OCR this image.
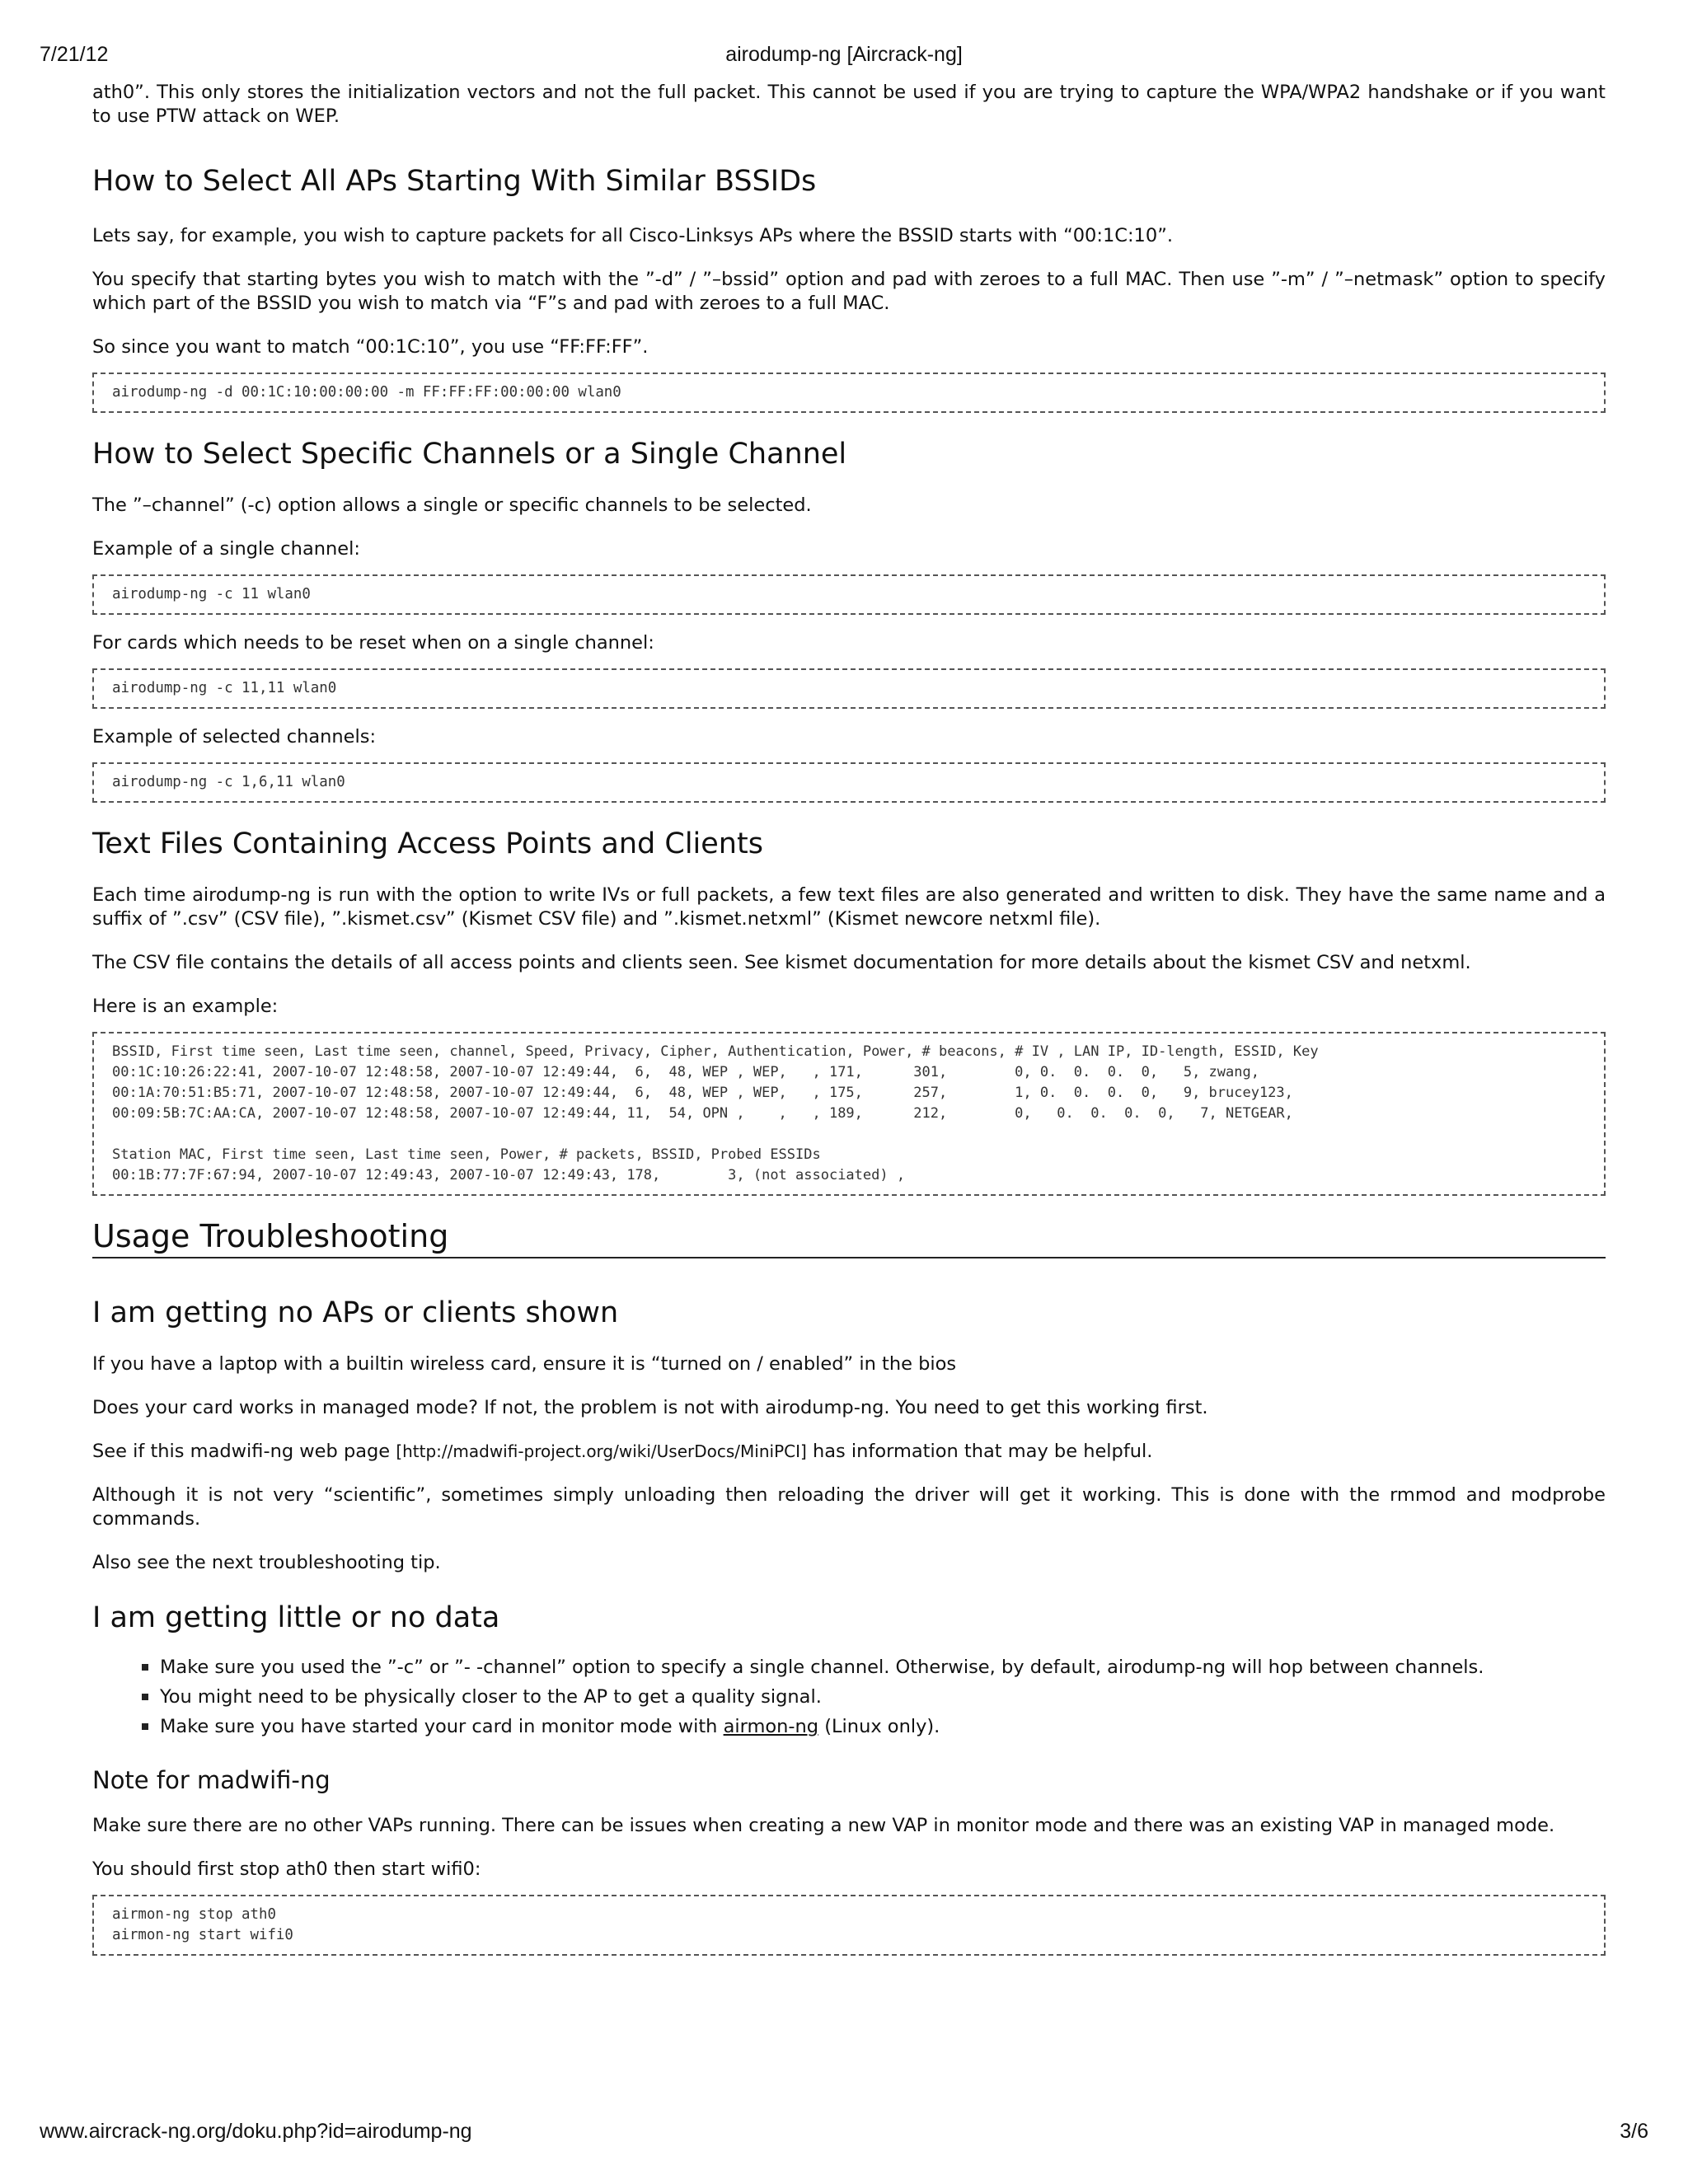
7/21/12	airodump-ng [Aircrack-ng]

ath0”. This only stores the initialization vectors and not the full packet. This cannot be used if you are trying to capture the WPA/WPA2 handshake or if you want to use PTW attack on WEP.

How to Select All APs Starting With Similar BSSIDs

Lets say, for example, you wish to capture packets for all Cisco-Linksys APs where the BSSID starts with “00:1C:10”.

You specify that starting bytes you wish to match with the ”-d” / ”–bssid” option and pad with zeroes to a full MAC. Then use ”-m” / ”–netmask” option to specify which part of the BSSID you wish to match via “F”s and pad with zeroes to a full MAC.

So since you want to match “00:1C:10”, you use “FF:FF:FF”.

airodump-ng -d 00:1C:10:00:00:00 -m FF:FF:FF:00:00:00 wlan0
How to Select Specific Channels or a Single Channel

The ”–channel” (-c) option allows a single or specific channels to be selected.

Example of a single channel:

airodump-ng -c 11 wlan0

For cards which needs to be reset when on a single channel:

airodump-ng -c 11,11 wlan0

Example of selected channels:

airodump-ng -c 1,6,11 wlan0
Text Files Containing Access Points and Clients

Each time airodump-ng is run with the option to write IVs or full packets, a few text files are also generated and written to disk. They have the same name and a suffix of ”.csv” (CSV file), ”.kismet.csv” (Kismet CSV file) and ”.kismet.netxml” (Kismet newcore netxml file).

The CSV file contains the details of all access points and clients seen. See kismet documentation for more details about the kismet CSV and netxml.

Here is an example:

BSSID, First time seen, Last time seen, channel, Speed, Privacy, Cipher, Authentication, Power, # beacons, # IV , LAN IP, ID-length, ESSID, Key
00:1C:10:26:22:41, 2007-10-07 12:48:58, 2007-10-07 12:49:44,  6,  48, WEP , WEP,   , 171,      301,        0, 0.  0.  0.  0,   5, zwang,
00:1A:70:51:B5:71, 2007-10-07 12:48:58, 2007-10-07 12:49:44,  6,  48, WEP , WEP,   , 175,      257,        1, 0.  0.  0.  0,   9, brucey123,
00:09:5B:7C:AA:CA, 2007-10-07 12:48:58, 2007-10-07 12:49:44, 11,  54, OPN ,    ,   , 189,      212,        0,   0.  0.  0.  0,   7, NETGEAR,

Station MAC, First time seen, Last time seen, Power, # packets, BSSID, Probed ESSIDs
00:1B:77:7F:67:94, 2007-10-07 12:49:43, 2007-10-07 12:49:43, 178,        3, (not associated) ,
Usage Troubleshooting
I am getting no APs or clients shown

If you have a laptop with a builtin wireless card, ensure it is “turned on / enabled” in the bios

Does your card works in managed mode? If not, the problem is not with airodump-ng. You need to get this working first.

See if this madwifi-ng web page [http://madwifi-project.org/wiki/UserDocs/MiniPCI] has information that may be helpful.

Although it is not very “scientific”, sometimes simply unloading then reloading the driver will get it working. This is done with the rmmod and modprobe commands.

Also see the next troubleshooting tip.

I am getting little or no data
Make sure you used the ”-c” or ”- -channel” option to specify a single channel. Otherwise, by default, airodump-ng will hop between channels.
You might need to be physically closer to the AP to get a quality signal.
Make sure you have started your card in monitor mode with airmon-ng (Linux only).
Note for madwifi-ng

Make sure there are no other VAPs running. There can be issues when creating a new VAP in monitor mode and there was an existing VAP in managed mode.

You should first stop ath0 then start wifi0:

airmon-ng stop ath0
airmon-ng start wifi0
www.aircrack-ng.org/doku.php?id=airodump-ng	3/6
